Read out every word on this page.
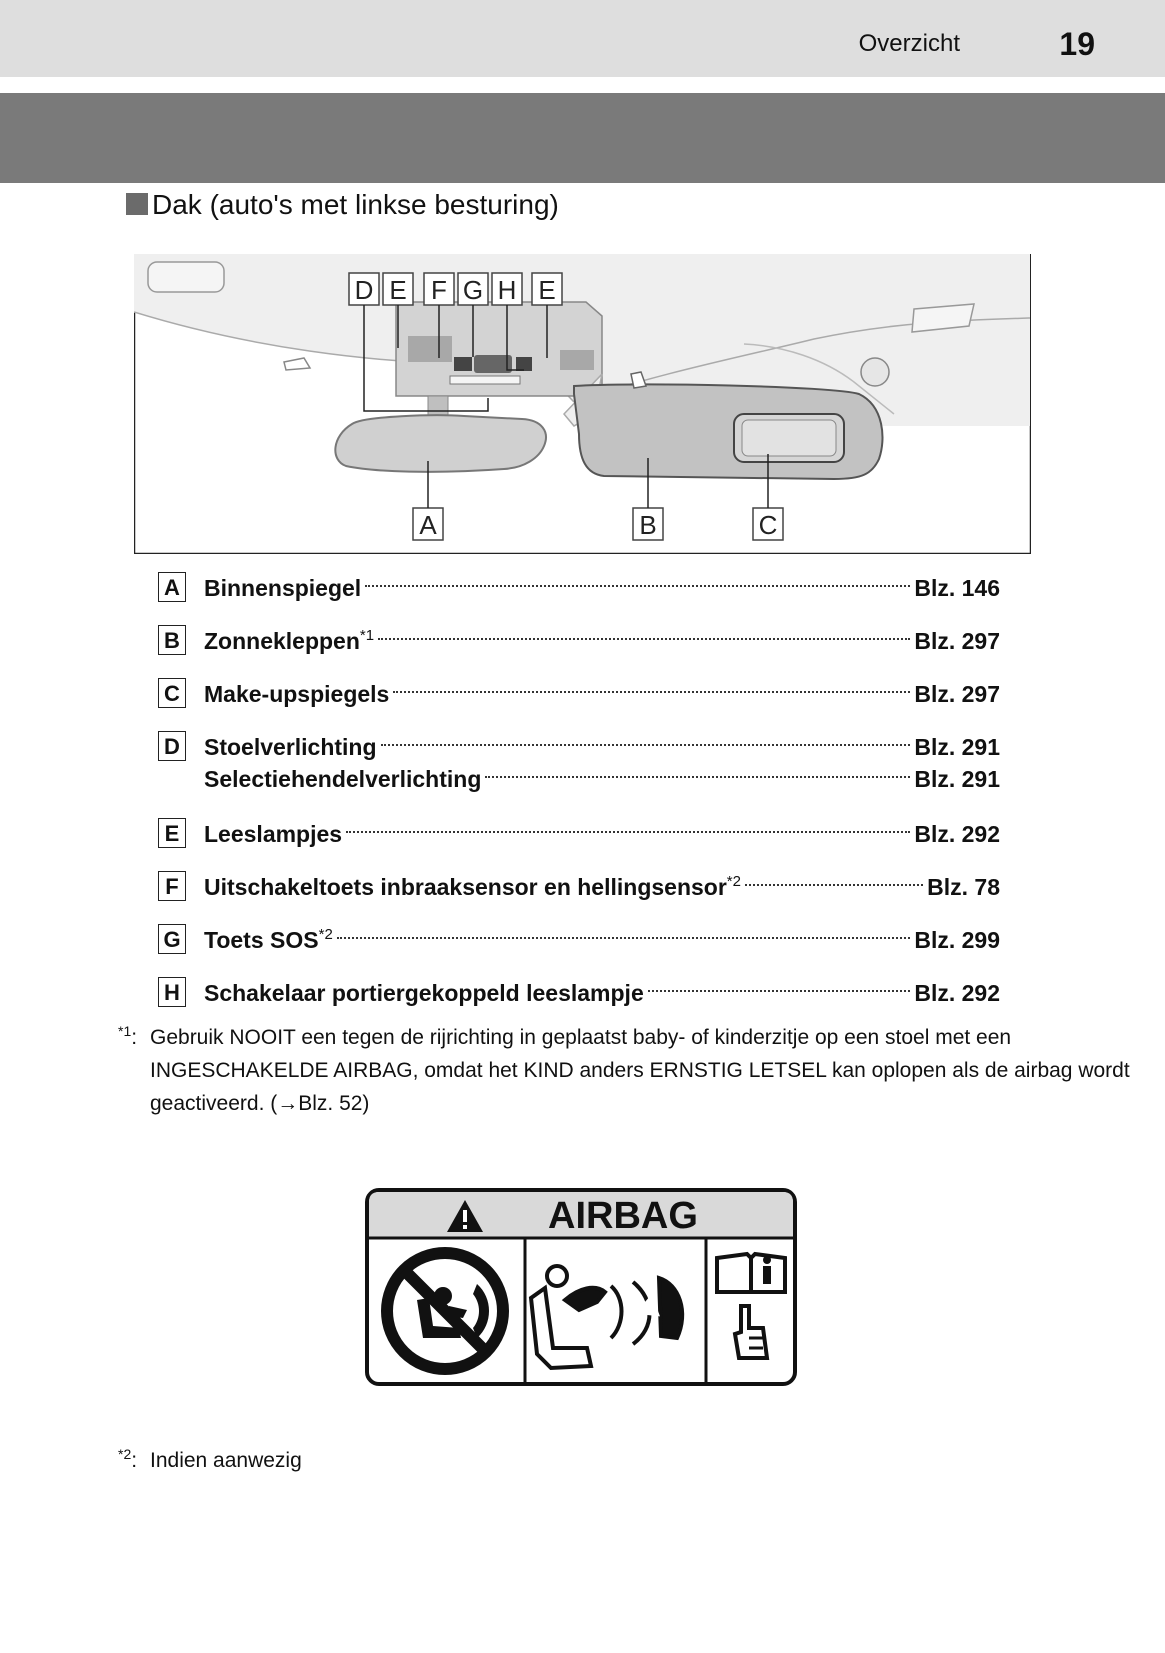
Overzicht	19
Dak (auto's met linkse besturing)
D E F G H E
A	B	C
A Binnenspiegel	Blz. 146
B Zonnekleppen$^{*1}$	Blz. 297
C Make-upspiegels	Blz. 297
D Stoelverlichting	Blz. 291
Selectiehendelverlichting	Blz. 291
E Leeslampjes	Blz. 292
F	Uitschakeltoets inbraaksensor en hellingsensor$^{*2}$	Blz. 78
G Toets SOS$^{*2}$	Blz. 299
H Schakelaar portiergekoppeld leeslampje	Blz. 292
$^{*1}$: Gebruik NOOIT een tegen de rijrichting in geplaatst baby- of kinderzitje op een stoel met een INGESCHAKELDE AIRBAG, omdat het KIND anders ERNSTIG LETSEL kan oplopen als de airbag wordt geactiveerd. (→Blz. 52)
AIRBAG
$^{*2}$: Indien aanwezig
